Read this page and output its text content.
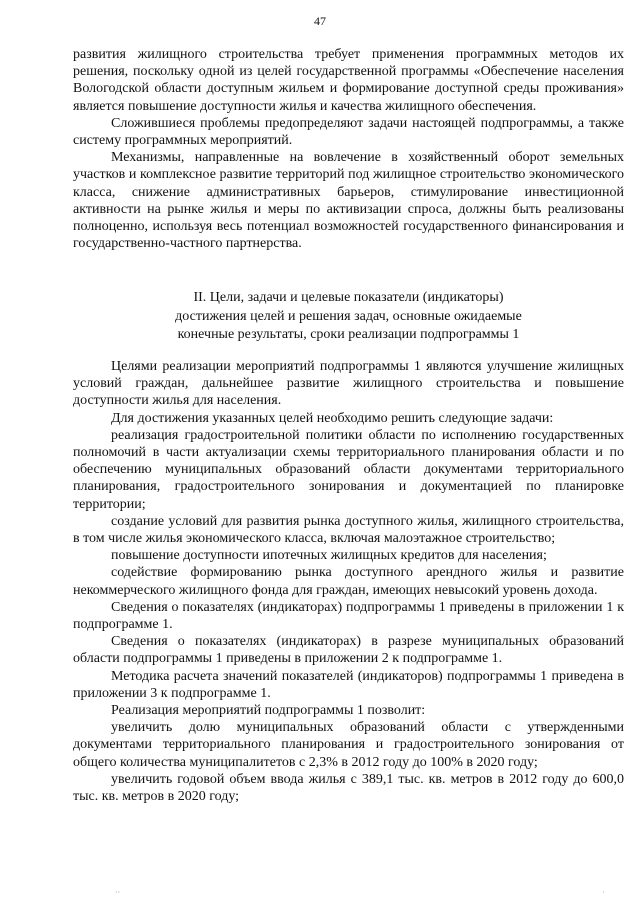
47

развития жилищного строительства требует применения программных методов их решения, поскольку одной из целей государственной программы «Обеспечение населения Вологодской области доступным жильем и формирование доступной среды проживания» является повышение доступности жилья и качества жилищного обеспечения.

Сложившиеся проблемы предопределяют задачи настоящей подпрограммы, а также систему программных мероприятий.

Механизмы, направленные на вовлечение в хозяйственный оборот земельных участков и комплексное развитие территорий под жилищное строительство экономического класса, снижение административных барьеров, стимулирование инвестиционной активности на рынке жилья и меры по активизации спроса, должны быть реализованы полноценно, используя весь потенциал возможностей государственного финансирования и государственно-частного партнерства.

II. Цели, задачи и целевые показатели (индикаторы)
достижения целей и решения задач, основные ожидаемые
конечные результаты, сроки реализации подпрограммы 1

Целями реализации мероприятий подпрограммы 1 являются улучшение жилищных условий граждан, дальнейшее развитие жилищного строительства и повышение доступности жилья для населения.

Для достижения указанных целей необходимо решить следующие задачи:

реализация градостроительной политики области по исполнению государственных полномочий в части актуализации схемы территориального планирования области и по обеспечению муниципальных образований области документами территориального планирования, градостроительного зонирования и документацией по планировке территории;

создание условий для развития рынка доступного жилья, жилищного строительства, в том числе жилья экономического класса, включая малоэтажное строительство;

повышение доступности ипотечных жилищных кредитов для населения;

содействие формированию рынка доступного арендного жилья и развитие некоммерческого жилищного фонда для граждан, имеющих невысокий уровень дохода.

Сведения о показателях (индикаторах) подпрограммы 1 приведены в приложении 1 к подпрограмме 1.

Сведения о показателях (индикаторах) в разрезе муниципальных образований области подпрограммы 1 приведены в приложении 2 к подпрограмме 1.

Методика расчета значений показателей (индикаторов) подпрограммы 1 приведена в приложении 3 к подпрограмме 1.

Реализация мероприятий подпрограммы 1 позволит:

увеличить долю муниципальных образований области с утвержденными документами территориального планирования и градостроительного зонирования от общего количества муниципалитетов с 2,3% в 2012 году до 100% в 2020 году;

увеличить годовой объем ввода жилья с 389,1 тыс. кв. метров в 2012 году до 600,0 тыс. кв. метров в 2020 году;

··	·
